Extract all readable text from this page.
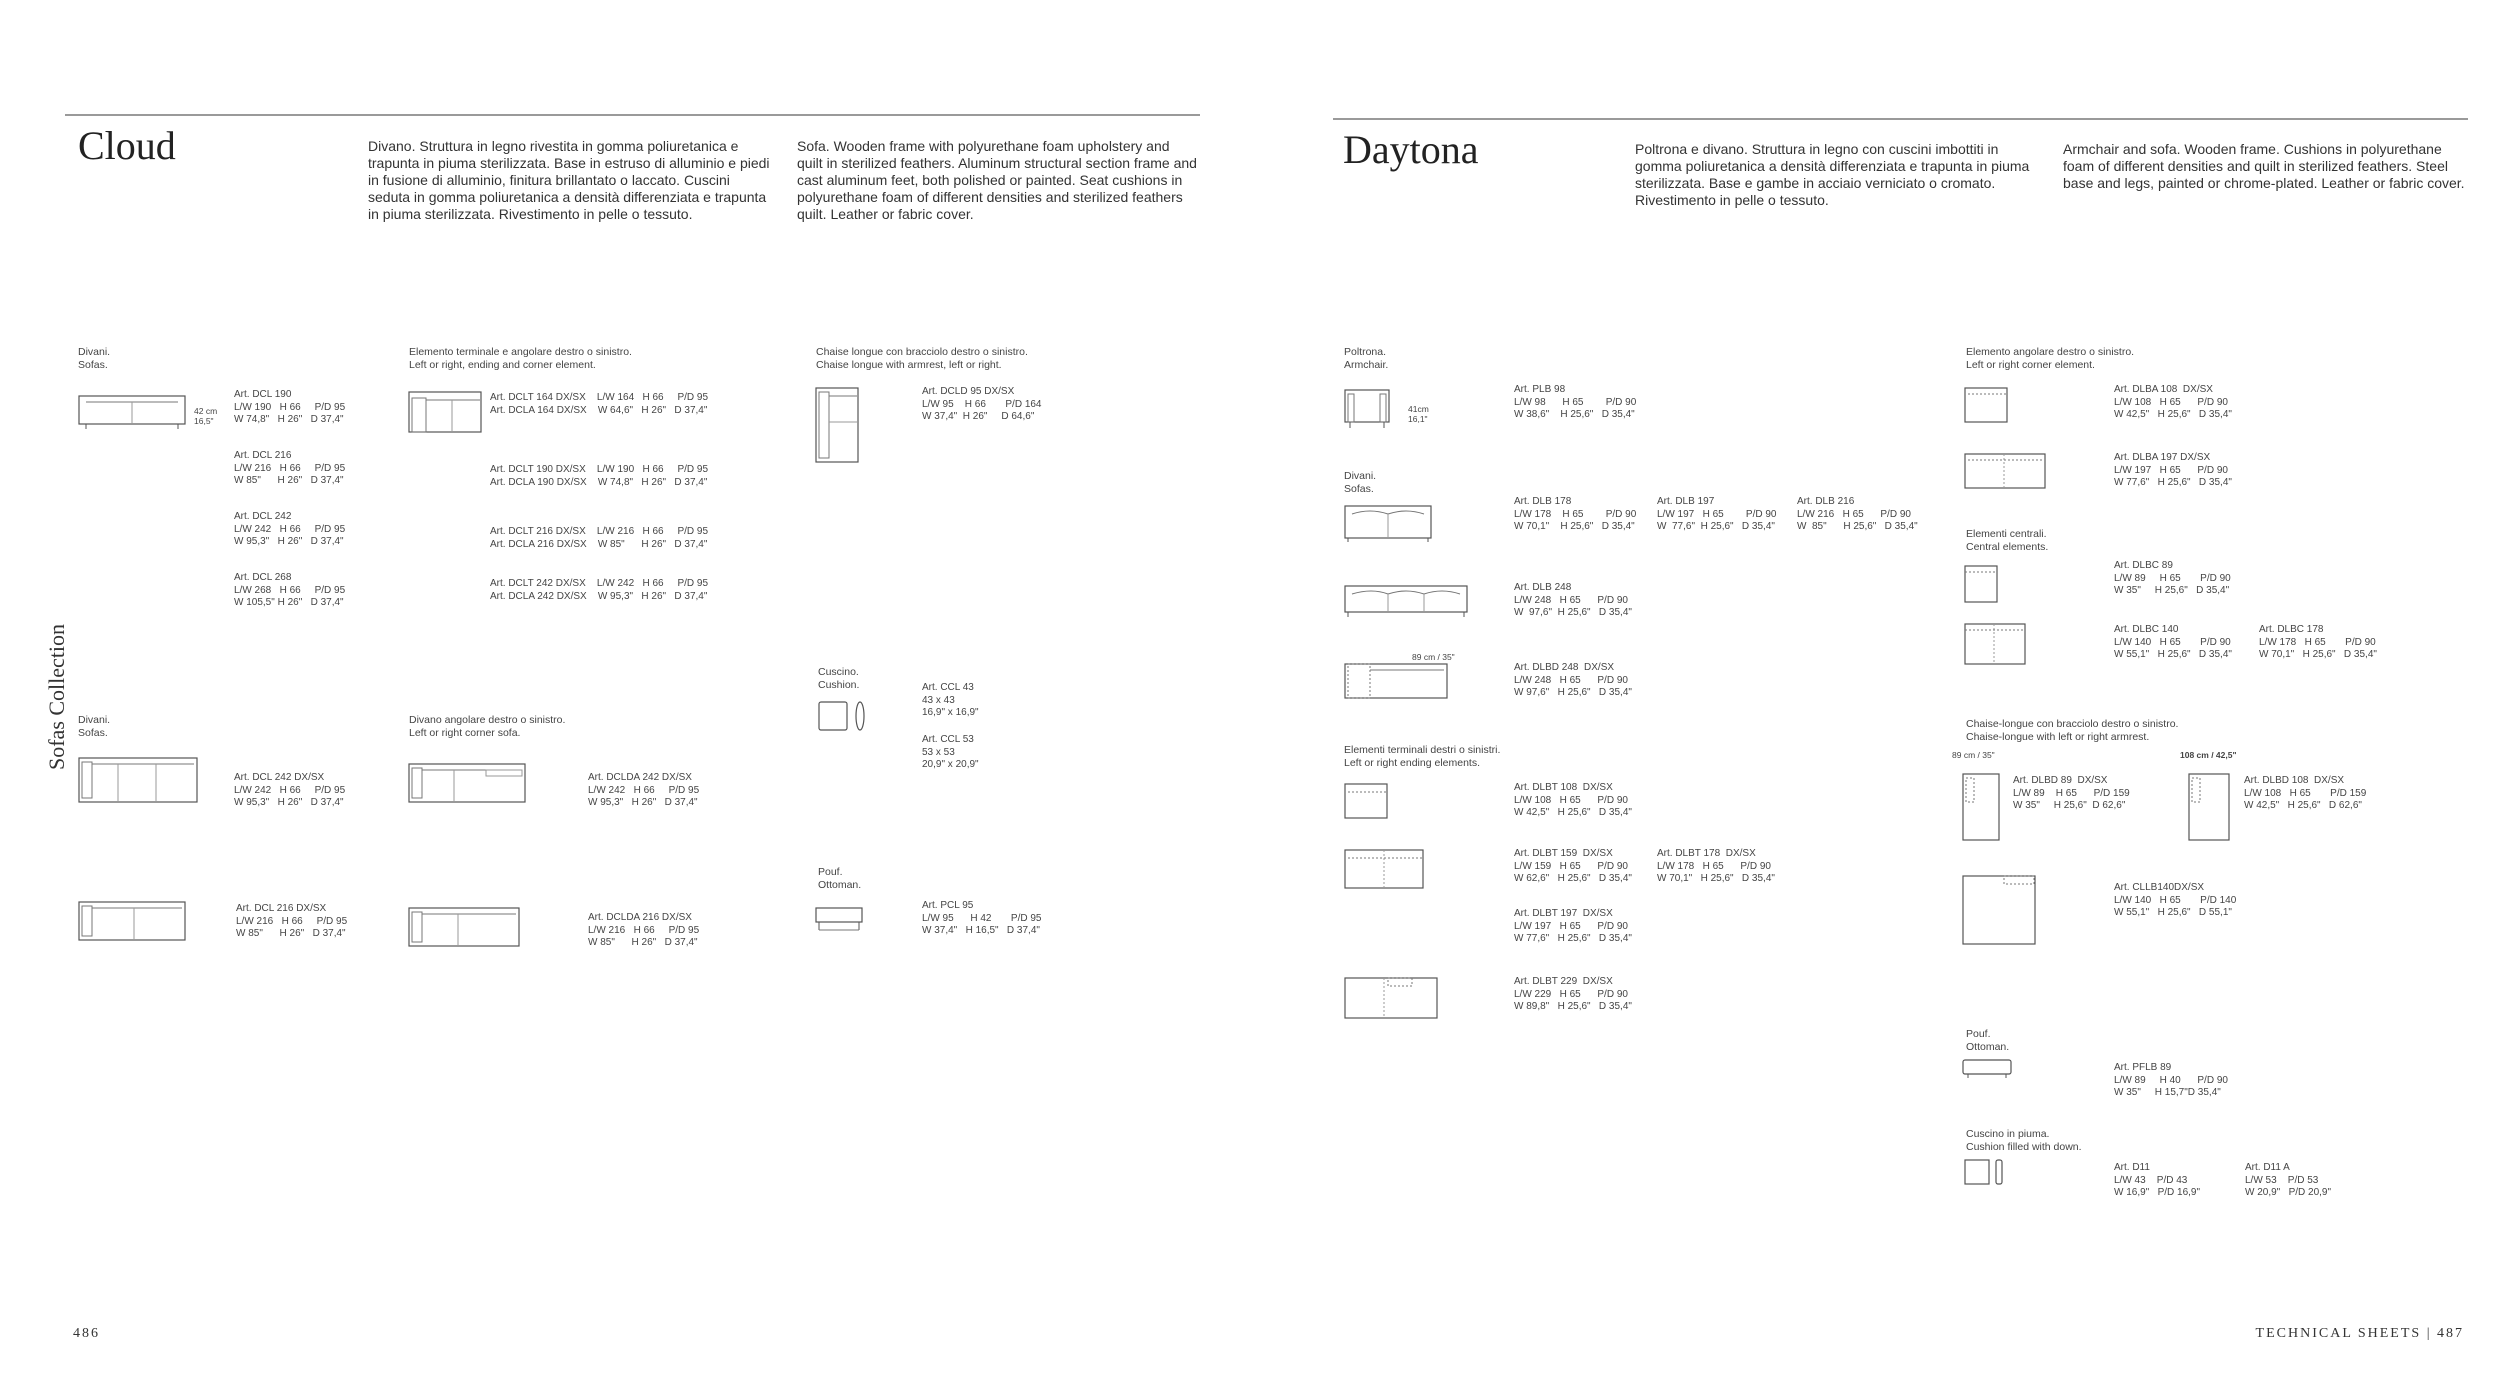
Cloud	Divano. Struttura in legno rivestita in gomma poliuretanica e trapunta in piuma sterilizzata. Base in estruso di alluminio e piedi in fusione di alluminio, finitura brillantato o laccato. Cuscini seduta in gomma poliuretanica a densità differenziata e trapunta in piuma sterilizzata. Rivestimento in pelle o tessuto.
Sofa. Wooden frame with polyurethane foam upholstery and quilt in sterilized feathers. Aluminum structural section frame and cast aluminum feet, both polished or painted. Seat cushions in polyurethane foam of different densities and sterilized feathers quilt. Leather or fabric cover.
Sofas Collection
Divani.
Sofas.
Elemento terminale e angolare destro o sinistro.
Left or right, ending and corner element.
Chaise longue con bracciolo destro o sinistro.
Chaise longue with armrest, left or right.
Cuscino.
Cushion.
Divani.
Sofas.
Divano angolare destro o sinistro.
Left or right corner sofa.
Pouf.
Ottoman.
42 cm
16,5"
Art. DCL 190
L/W 190   H 66     P/D 95
W 74,8"   H 26"   D 37,4"
Art. DCL 216
L/W 216   H 66     P/D 95
W 85"      H 26"   D 37,4"
Art. DCL 242
L/W 242   H 66     P/D 95
W 95,3"   H 26"   D 37,4"
Art. DCL 268
L/W 268   H 66     P/D 95
W 105,5" H 26"   D 37,4"
Art. DCLT 164 DX/SX    L/W 164   H 66     P/D 95
Art. DCLA 164 DX/SX    W 64,6"   H 26"   D 37,4"
Art. DCLT 190 DX/SX    L/W 190   H 66     P/D 95
Art. DCLA 190 DX/SX    W 74,8"   H 26"   D 37,4"
Art. DCLT 216 DX/SX    L/W 216   H 66     P/D 95
Art. DCLA 216 DX/SX    W 85"      H 26"   D 37,4"
Art. DCLT 242 DX/SX    L/W 242   H 66     P/D 95
Art. DCLA 242 DX/SX    W 95,3"   H 26"   D 37,4"
Art. DCLD 95 DX/SX
L/W 95    H 66       P/D 164
W 37,4"  H 26"     D 64,6"
Art. CCL 43
43 x 43
16,9" x 16,9"
Art. CCL 53
53 x 53
20,9" x 20,9"
Art. DCL 242 DX/SX
L/W 242   H 66     P/D 95
W 95,3"   H 26"   D 37,4"
Art. DCLDA 242 DX/SX
L/W 242   H 66     P/D 95
W 95,3"   H 26"   D 37,4"
Art. DCL 216 DX/SX
L/W 216   H 66     P/D 95
W 85"      H 26"   D 37,4"
Art. DCLDA 216 DX/SX
L/W 216   H 66     P/D 95
W 85"      H 26"   D 37,4"
Art. PCL 95
L/W 95      H 42       P/D 95
W 37,4"   H 16,5"   D 37,4"
486
Daytona	Poltrona e divano. Struttura in legno con cuscini imbottiti in gomma poliuretanica a densità differenziata e trapunta in piuma sterilizzata. Base e gambe in acciaio verniciato o cromato. Rivestimento in pelle o tessuto.
Armchair and sofa. Wooden frame. Cushions in polyurethane foam of different densities and quilt in sterilized feathers. Steel base and legs, painted or chrome-plated. Leather or fabric cover.
Poltrona.
Armchair.
Divani.
Sofas.
Elementi terminali destri o sinistri.
Left or right ending elements.
Elemento angolare destro o sinistro.
Left or right corner element.
Elementi centrali.
Central elements.
Chaise-longue con bracciolo destro o sinistro.
Chaise-longue with left or right armrest.
Pouf.
Ottoman.
Cuscino in piuma.
Cushion filled with down.
41cm
16,1"
89 cm / 35"
89 cm / 35"	108 cm / 42,5"
Art. PLB 98
L/W 98      H 65        P/D 90
W 38,6"    H 25,6"   D 35,4"
Art. DLB 178
L/W 178    H 65        P/D 90
W 70,1"    H 25,6"   D 35,4"
Art. DLB 197
L/W 197   H 65        P/D 90
W  77,6"  H 25,6"   D 35,4"
Art. DLB 216
L/W 216   H 65      P/D 90
W  85"      H 25,6"   D 35,4"
Art. DLB 248
L/W 248   H 65      P/D 90
W  97,6"  H 25,6"   D 35,4"
Art. DLBD 248  DX/SX
L/W 248   H 65      P/D 90
W 97,6"   H 25,6"   D 35,4"
Art. DLBT 108  DX/SX
L/W 108   H 65      P/D 90
W 42,5"   H 25,6"   D 35,4"
Art. DLBT 159  DX/SX
L/W 159   H 65      P/D 90
W 62,6"   H 25,6"   D 35,4"
Art. DLBT 178  DX/SX
L/W 178   H 65      P/D 90
W 70,1"   H 25,6"   D 35,4"
Art. DLBT 197  DX/SX
L/W 197   H 65      P/D 90
W 77,6"   H 25,6"   D 35,4"
Art. DLBT 229  DX/SX
L/W 229   H 65      P/D 90
W 89,8"   H 25,6"   D 35,4"
Art. DLBA 108  DX/SX
L/W 108   H 65      P/D 90
W 42,5"   H 25,6"   D 35,4"
Art. DLBA 197 DX/SX
L/W 197   H 65      P/D 90
W 77,6"   H 25,6"   D 35,4"
Art. DLBC 89
L/W 89     H 65       P/D 90
W 35"     H 25,6"   D 35,4"
Art. DLBC 140
L/W 140   H 65       P/D 90
W 55,1"   H 25,6"   D 35,4"
Art. DLBC 178
L/W 178   H 65       P/D 90
W 70,1"   H 25,6"   D 35,4"
Art. DLBD 89  DX/SX
L/W 89    H 65      P/D 159
W 35"     H 25,6"  D 62,6"
Art. DLBD 108  DX/SX
L/W 108   H 65       P/D 159
W 42,5"   H 25,6"   D 62,6"
Art. CLLB140DX/SX
L/W 140   H 65       P/D 140
W 55,1"   H 25,6"   D 55,1"
Art. PFLB 89
L/W 89     H 40      P/D 90
W 35"     H 15,7"D 35,4"
Art. D11
L/W 43    P/D 43
W 16,9"   P/D 16,9"
Art. D11 A
L/W 53    P/D 53
W 20,9"   P/D 20,9"
TECHNICAL SHEETS | 487
